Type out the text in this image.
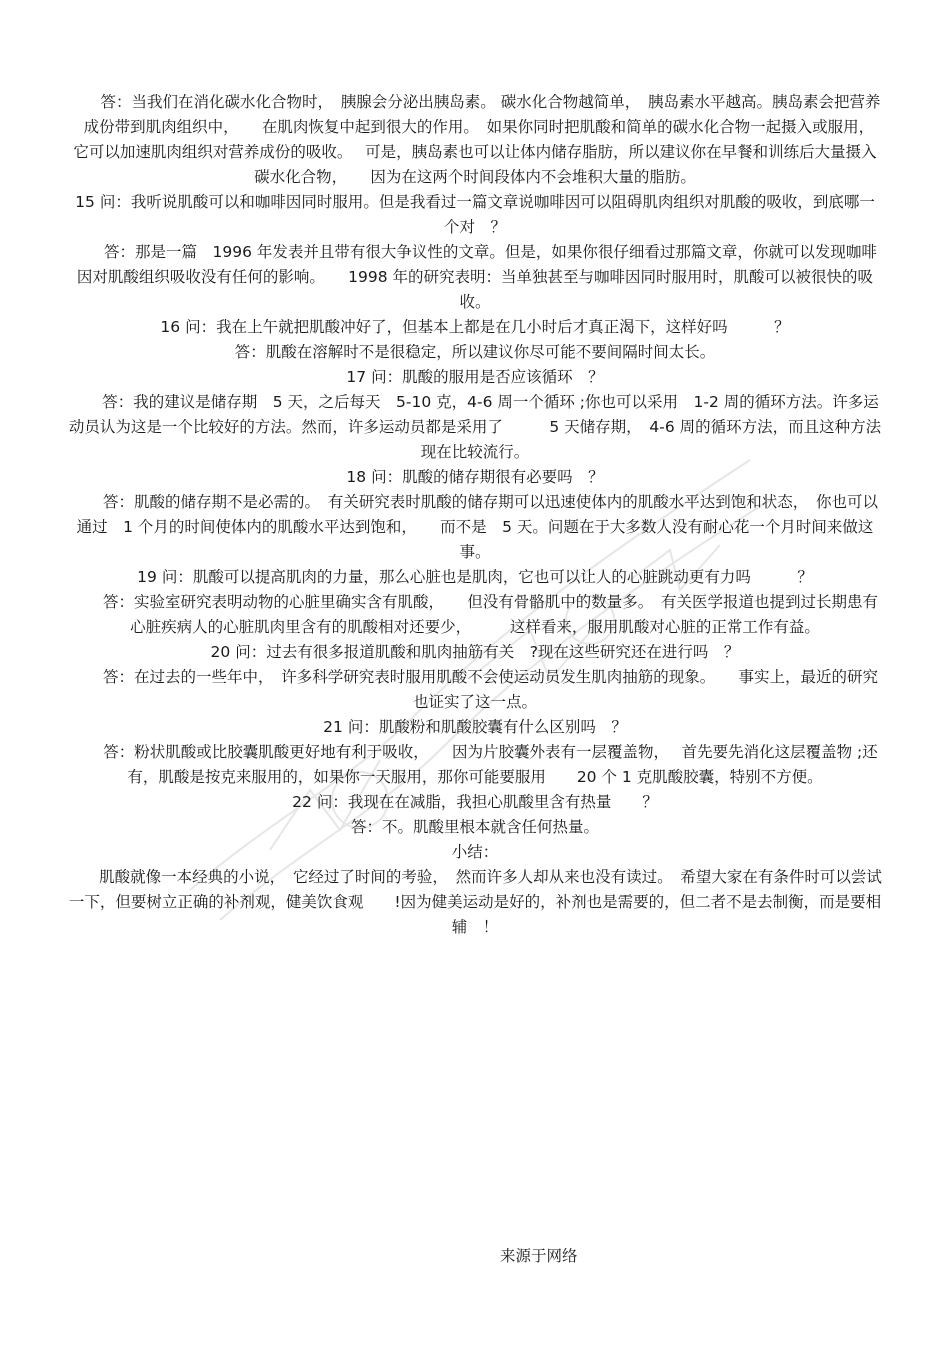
答：当我们在消化碳水化合物时，　胰腺会分泌出胰岛素。 碳水化合物越简单，　胰岛素水平越高。胰岛素会把营养成份带到肌肉组织中，　　在肌肉恢复中起到很大的作用。　如果你同时把肌酸和简单的碳水化合物一起摄入或服用，　 它可以加速肌肉组织对营养成份的吸收。　 可是，胰岛素也可以让体内储存脂肪，所以建议你在早餐和训练后大量摄入碳水化合物，　　因为在这两个时间段体内不会堆积大量的脂肪。

15 问：我听说肌酸可以和咖啡因同时服用。但是我看过一篇文章说咖啡因可以阻碍肌肉组织对肌酸的吸收，到底哪一个对　？

答：那是一篇　1996 年发表并且带有很大争议性的文章。但是，如果你很仔细看过那篇文章，你就可以发现咖啡因对肌酸组织吸收没有任何的影响。　　1998 年的研究表明：当单独甚至与咖啡因同时服用时，肌酸可以被很快的吸收。

16 问：我在上午就把肌酸冲好了，但基本上都是在几小时后才真正渴下，这样好吗　　　？

答：肌酸在溶解时不是很稳定，所以建议你尽可能不要间隔时间太长。

17 问：肌酸的服用是否应该循环　？

答：我的建议是储存期　5 天，之后每天　5-10 克，4-6 周一个循环 ;你也可以采用　1-2 周的循环方法。许多运动员认为这是一个比较好的方法。然而，许多运动员都是采用了　　　5 天储存期，　4-6 周的循环方法，而且这种方法现在比较流行。

18 问：肌酸的储存期很有必要吗　？

答：肌酸的储存期不是必需的。　有关研究表时肌酸的储存期可以迅速使体内的肌酸水平达到饱和状态，　你也可以通过　1 个月的时间使体内的肌酸水平达到饱和，　　而不是　5 天。问题在于大多数人没有耐心花一个月时间来做这事。

19 问：肌酸可以提高肌肉的力量，那么心脏也是肌肉，它也可以让人的心脏跳动更有力吗　　　？

答：实验室研究表明动物的心脏里确实含有肌酸，　　但没有骨骼肌中的数量多。　有关医学报道也提到过长期患有心脏疾病人的心脏肌肉里含有的肌酸相对还要少，　　　这样看来，服用肌酸对心脏的正常工作有益。

20 问：过去有很多报道肌酸和肌肉抽筋有关　?现在这些研究还在进行吗　？

答：在过去的一些年中，　许多科学研究表时服用肌酸不会使运动员发生肌肉抽筋的现象。　　事实上，最近的研究也证实了这一点。

21 问：肌酸粉和肌酸胶囊有什么区别吗　？

答：粉状肌酸或比胶囊肌酸更好地有利于吸收，　　因为片胶囊外表有一层覆盖物，　 首先要先消化这层覆盖物 ;还有，肌酸是按克来服用的，如果你一天服用，那你可能要服用　　20 个 1 克肌酸胶囊，特别不方便。

22 问：我现在在减脂，我担心肌酸里含有热量　　？

答：不。肌酸里根本就含任何热量。

小结：

肌酸就像一本经典的小说，　它经过了时间的考验，　然而许多人却从来也没有读过。　希望大家在有条件时可以尝试一下，但要树立正确的补剂观，健美饮食观　　!因为健美运动是好的，补剂也是需要的，但二者不是去制衡，而是要相辅　！

来源于网络
